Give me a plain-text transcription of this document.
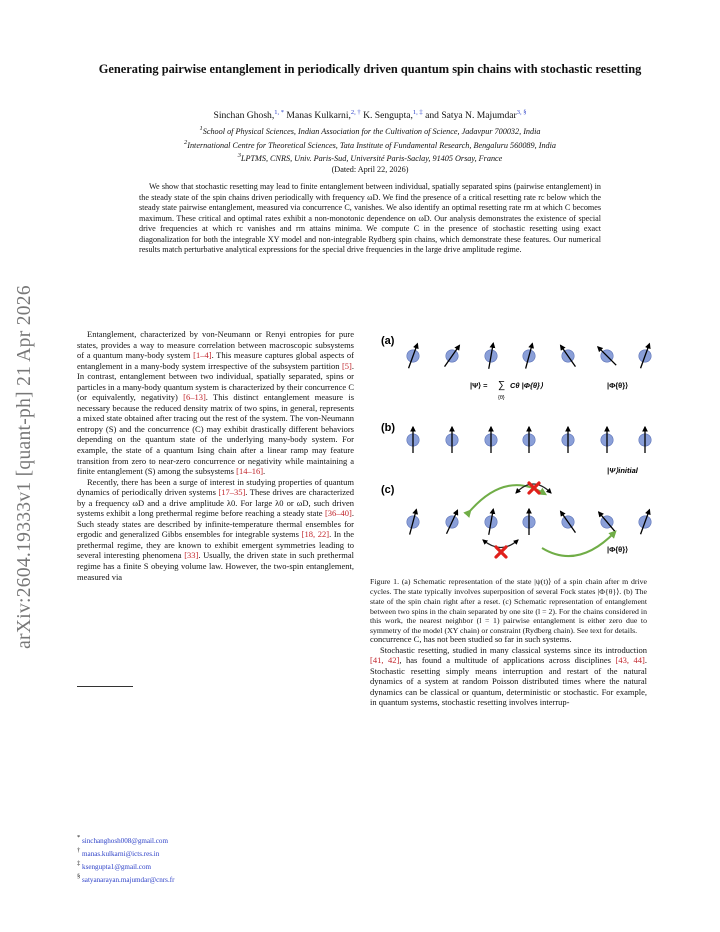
arXiv:2604.19333v1 [quant-ph] 21 Apr 2026
Generating pairwise entanglement in periodically driven quantum spin chains with stochastic resetting
Sinchan Ghosh,$^{1, *}$ Manas Kulkarni,$^{2, \dagger}$ K. Sengupta,$^{1, \ddagger}$ and Satya N. Majumdar$^{3, \S}$
$^1$School of Physical Sciences, Indian Association for the Cultivation of Science, Jadavpur 700032, India
$^2$International Centre for Theoretical Sciences, Tata Institute of Fundamental Research, Bengaluru 560089, India
$^3$LPTMS, CNRS, Univ. Paris-Sud, Université Paris-Saclay, 91405 Orsay, France
(Dated: April 22, 2026)
We show that stochastic resetting may lead to finite entanglement between individual, spatially separated spins (pairwise entanglement) in the steady state of the spin chains driven periodically with frequency ωD. We find the presence of a critical resetting rate rc below which the steady state pairwise entanglement, measured via concurrence C, vanishes. We also identify an optimal resetting rate rm at which C becomes maximum. These critical and optimal rates exhibit a non-monotonic dependence on ωD. Our analysis demonstrates the existence of special drive frequencies at which rc vanishes and rm attains minima. We compute C in the presence of stochastic resetting using exact diagonalization for both the integrable XY model and non-integrable Rydberg spin chains, which demonstrate these features. Our numerical results match perturbative analytical expressions for the special drive frequencies in the large drive amplitude regime.

Entanglement, characterized by von-Neumann or Renyi entropies for pure states, provides a way to measure correlation between macroscopic subsystems of a quantum many-body system [1–4]. This measure captures global aspects of entanglement in a many-body system irrespective of the subsystem partition [5]. In contrast, entanglement between two individual, spatially separated, spins or particles in a many-body quantum system is characterized by their concurrence C (or equivalently, negativity) [6–13]. This distinct entanglement measure is necessary because the reduced density matrix of two spins, in general, represents a mixed state obtained after tracing out the rest of the system. The von-Neumann entropy (S) and the concurrence (C) may exhibit drastically different behaviors depending on the quantum state of the underlying many-body system. For example, the state of a quantum Ising chain after a linear ramp may feature transition from zero to near-zero concurrence or negativity while maintaining a finite entanglement (S) among the subsystems [14–16].

Recently, there has been a surge of interest in studying properties of quantum dynamics of periodically driven systems [17–35]. These drives are characterized by a frequency ωD and a drive amplitude λ0. For large λ0 or ωD, such driven systems exhibit a long prethermal regime before reaching a steady state [36–40]. Such steady states are described by infinite-temperature thermal ensembles for ergodic and generalized Gibbs ensembles for integrable systems [18, 22]. In the prethermal regime, they are known to exhibit emergent symmetries leading to several interesting phenomena [33]. Usually, the driven state in such prethermal regime has a finite S obeying volume law. However, the two-spin entanglement, measured via

* sinchanghosh008@gmail.com
† manas.kulkarni@icts.res.in
‡ ksengupta1@gmail.com
§ satyanarayan.majumdar@cnrs.fr
(a)
(b)
(c)
|Ψ⟩ = ∑
{θ}
Cθ |Φ{θ}⟩	|Φ{θ}⟩
|Ψ⟩initial
|Φ{θ}⟩
Figure 1. (a) Schematic representation of the state |ψ(t)⟩ of a spin chain after m drive cycles. The state typically involves superposition of several Fock states |Φ{θ}⟩. (b) The state of the spin chain right after a reset. (c) Schematic representation of entanglement between two spins in the chain separated by one site (l = 2). For the chains considered in this work, the nearest neighbor (l = 1) pairwise entanglement is either zero due to symmetry of the model (XY chain) or constraint (Rydberg chain). See text for details.

concurrence C, has not been studied so far in such systems.

Stochastic resetting, studied in many classical systems since its introduction [41, 42], has found a multitude of applications across disciplines [43, 44]. Stochastic resetting simply means interruption and restart of the natural dynamics of a system at random Poisson distributed times where the natural dynamics can be classical or quantum, deterministic or stochastic. For example, in quantum systems, stochastic resetting involves interrup-
